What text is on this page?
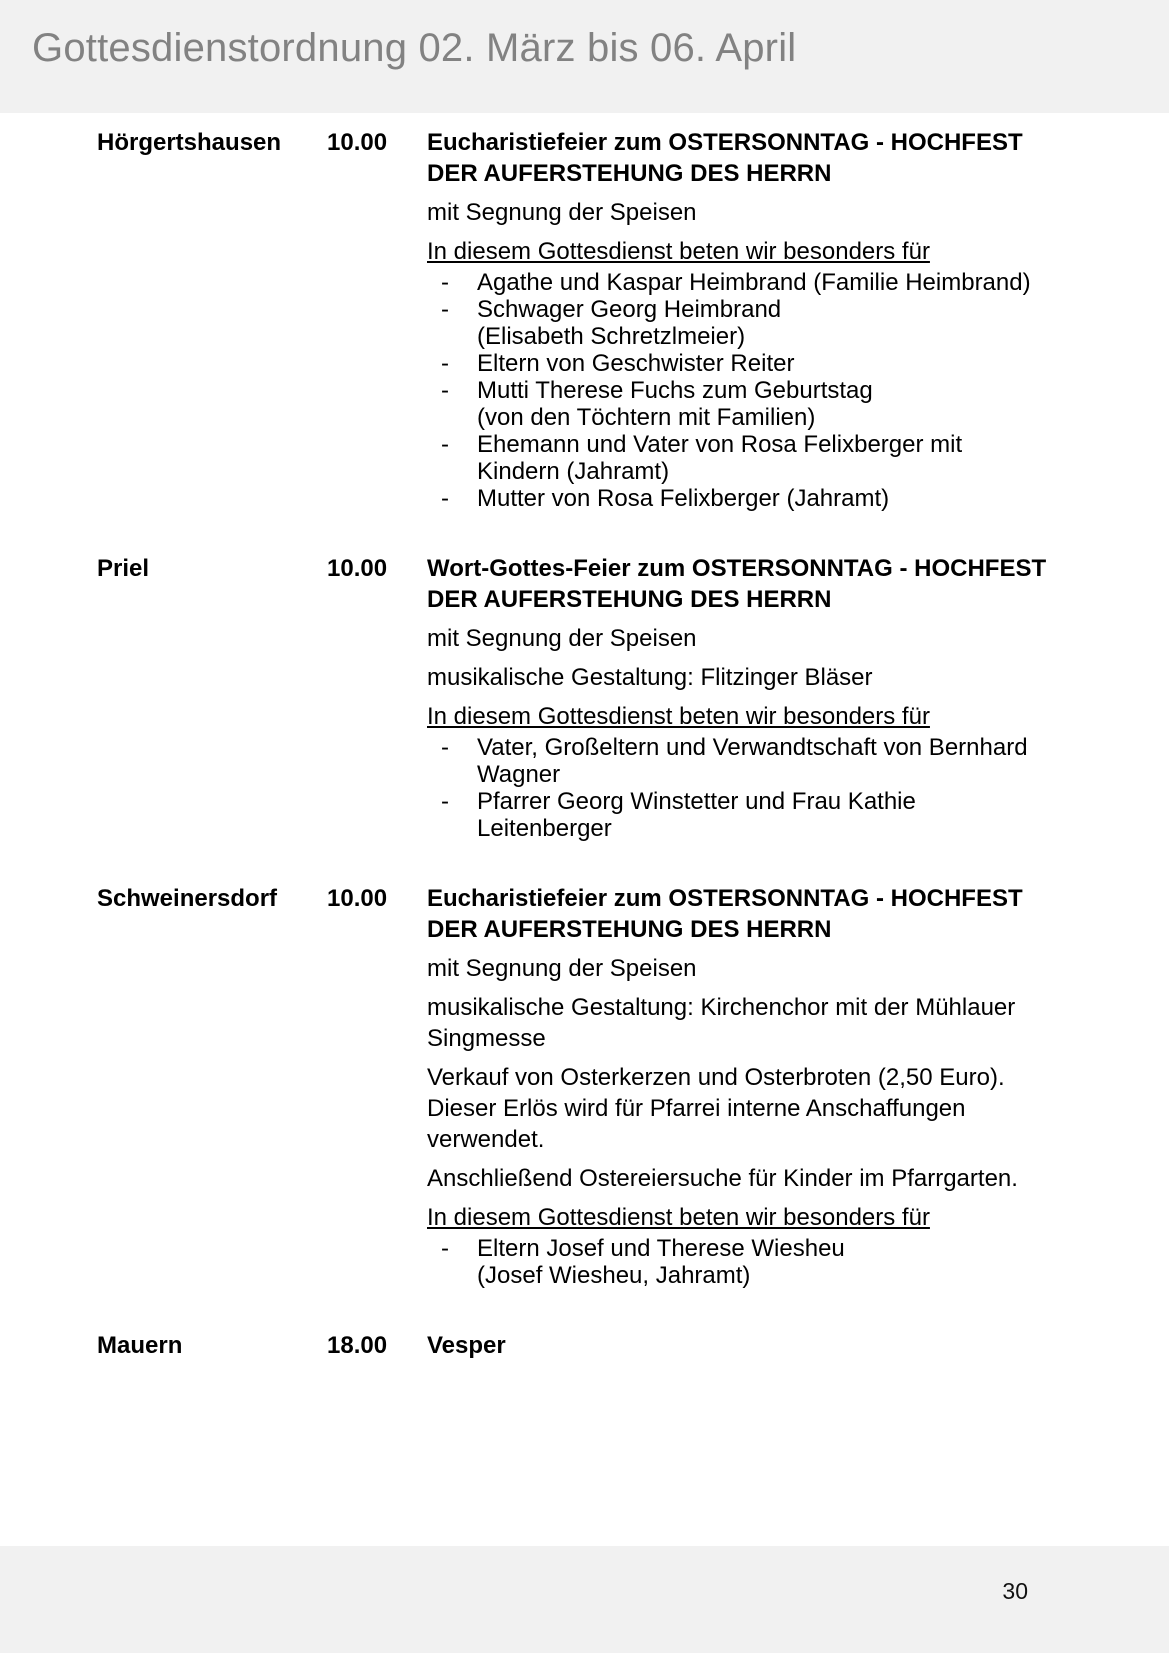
Gottesdienstordnung 02. März bis 06. April
Hörgertshausen	10.00	Eucharistiefeier zum OSTERSONNTAG - HOCHFEST DER AUFERSTEHUNG DES HERRN
mit Segnung der Speisen
In diesem Gottesdienst beten wir besonders für
-	Agathe und Kaspar Heimbrand (Familie Heimbrand)
-	Schwager Georg Heimbrand
(Elisabeth Schretzlmeier)
-	Eltern von Geschwister Reiter
-	Mutti Therese Fuchs zum Geburtstag
(von den Töchtern mit Familien)
-	Ehemann und Vater von Rosa Felixberger mit
Kindern (Jahramt)
-	Mutter von Rosa Felixberger (Jahramt)
Priel	10.00	Wort-Gottes-Feier zum OSTERSONNTAG - HOCHFEST DER AUFERSTEHUNG DES HERRN
mit Segnung der Speisen
musikalische Gestaltung: Flitzinger Bläser
In diesem Gottesdienst beten wir besonders für
-	Vater, Großeltern und Verwandtschaft von Bernhard
Wagner
-	Pfarrer Georg Winstetter und Frau Kathie
Leitenberger
Schweinersdorf	10.00	Eucharistiefeier zum OSTERSONNTAG - HOCHFEST DER AUFERSTEHUNG DES HERRN
mit Segnung der Speisen
musikalische Gestaltung: Kirchenchor mit der Mühlauer Singmesse
Verkauf von Osterkerzen und Osterbroten (2,50 Euro). Dieser Erlös wird für Pfarrei interne Anschaffungen verwendet.
Anschließend Ostereiersuche für Kinder im Pfarrgarten.
In diesem Gottesdienst beten wir besonders für
-	Eltern Josef und Therese Wiesheu
(Josef Wiesheu, Jahramt)
Mauern	18.00	Vesper
30
